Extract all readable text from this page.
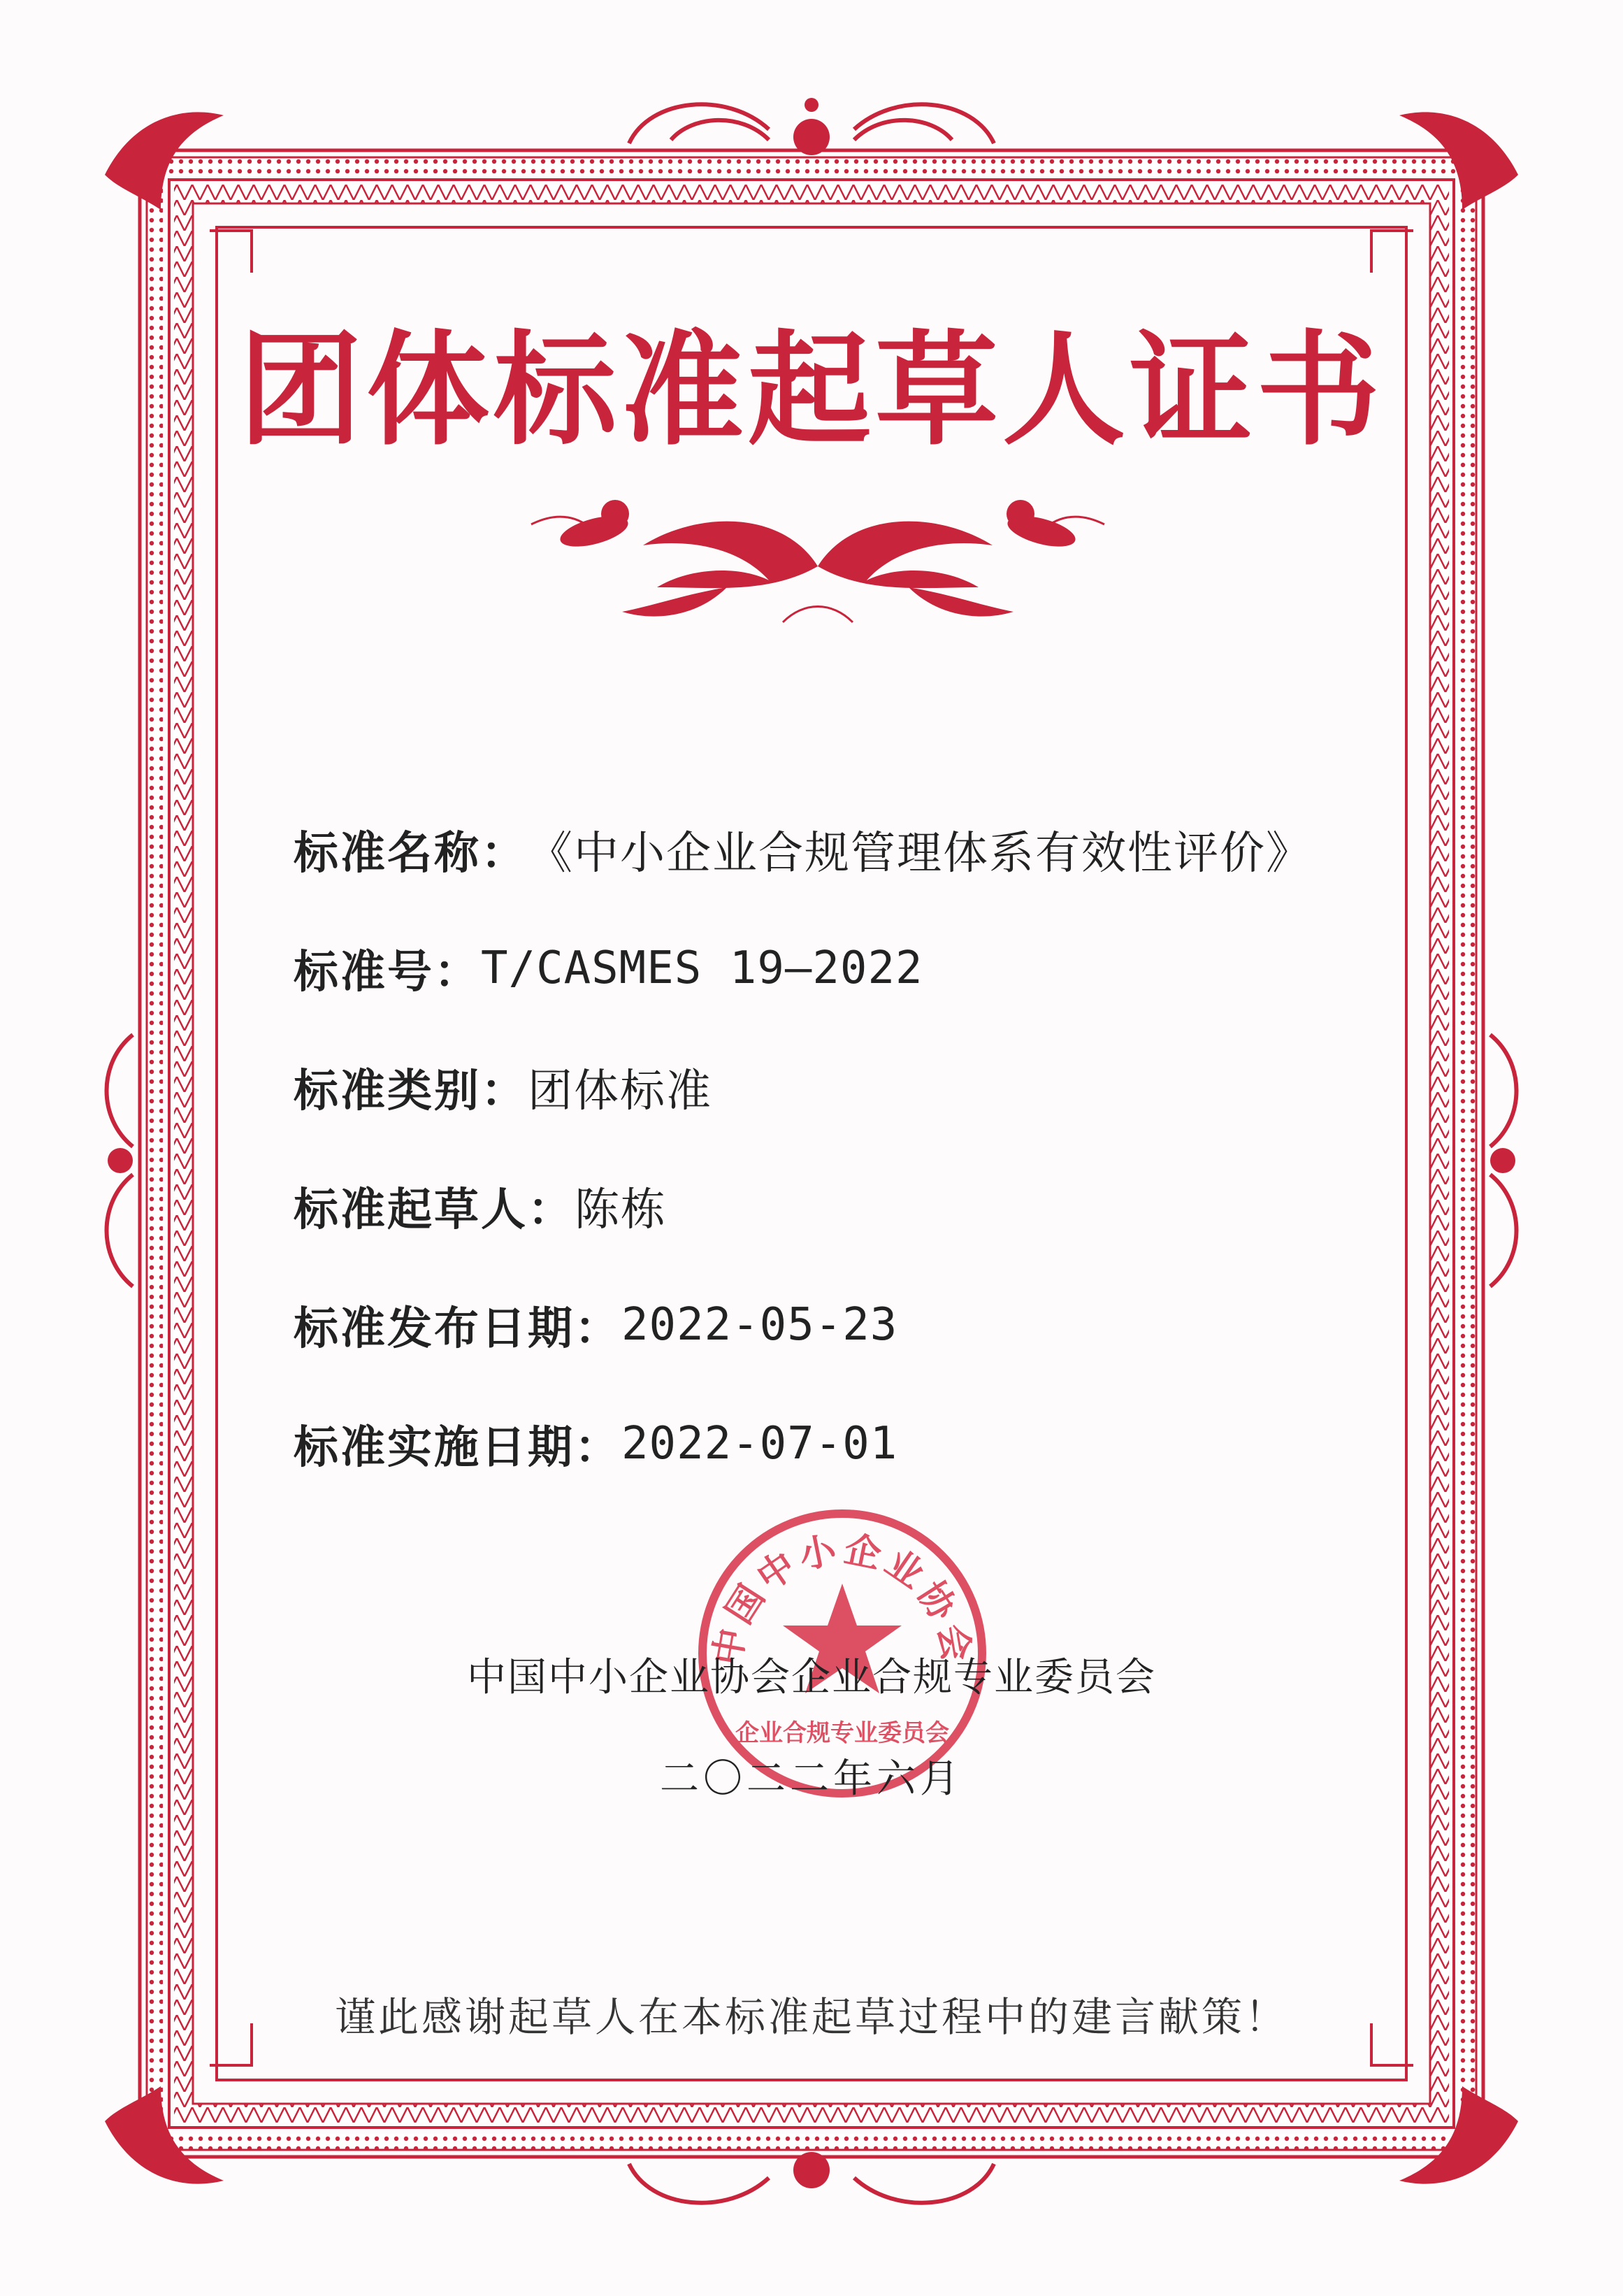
团体标准起草人证书
标准名称： 《中小企业合规管理体系有效性评价》
标准号： T/CASMES 19—2022
标准类别： 团体标准
标准起草人： 陈栋
标准发布日期： 2022-05-23
标准实施日期： 2022-07-01
中国中小企业协会
企业合规专业委员会
中国中小企业协会企业合规专业委员会
二〇二二年六月
谨此感谢起草人在本标准起草过程中的建言献策！
